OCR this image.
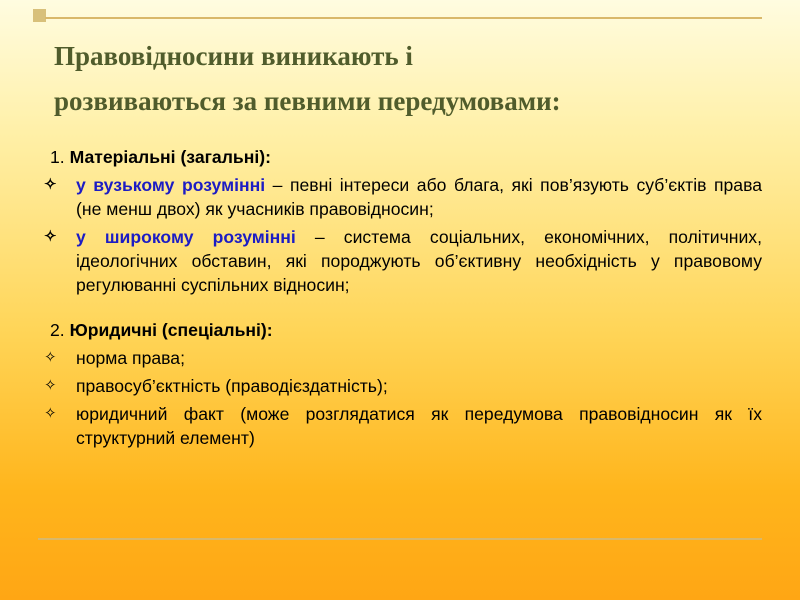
Правовідносини виникають і
розвиваються за певними передумовами:

1. Матеріальні (загальні):

✧	у вузькому розумінні – певні інтереси або блага, які пов’язують суб’єктів права (не менш двох) як учасників правовідносин;
✧	у широкому розумінні – система соціальних, економічних, політичних, ідеологічних обставин, які породжують об’єктивну необхідність у правовому регулюванні суспільних відносин;

2. Юридичні (спеціальні):

✧	норма права;
✧	правосуб’єктність (праводієздатність);
✧	юридичний факт (може розглядатися як передумова правовідносин як їх структурний елемент)
